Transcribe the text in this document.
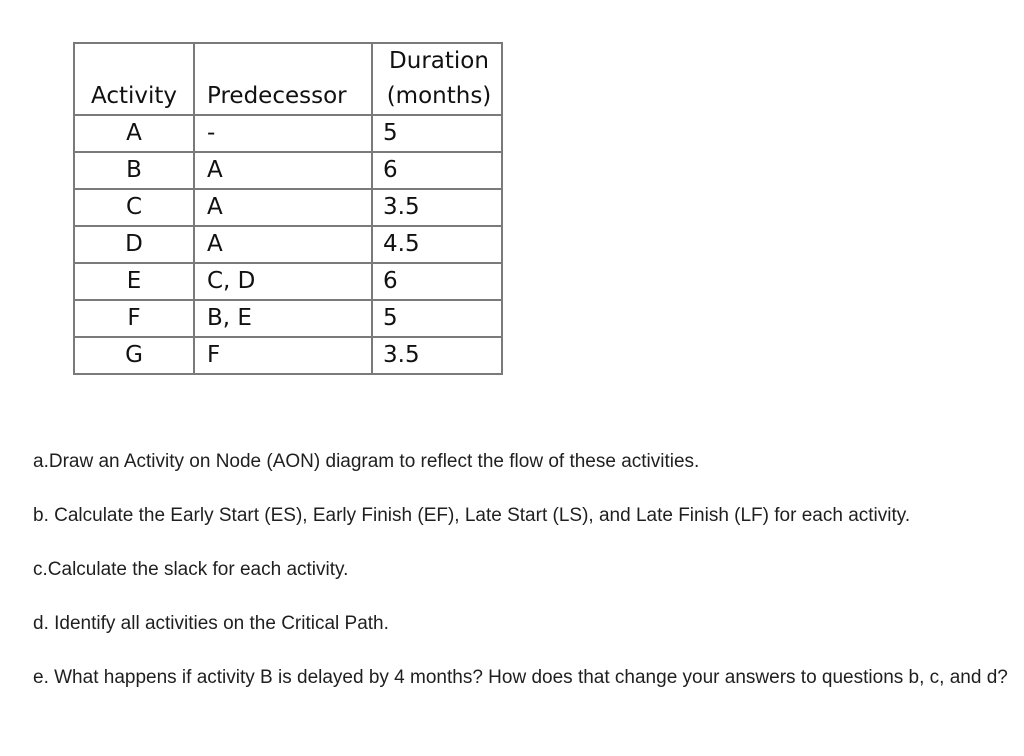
Activity	Predecessor	Duration
(months)

A	-	5
B	A	6
C	A	3.5
D	A	4.5
E	C, D	6
F	B, E	5
G	F	3.5

a.Draw an Activity on Node (AON) diagram to reflect the flow of these activities.

b. Calculate the Early Start (ES), Early Finish (EF), Late Start (LS), and Late Finish (LF) for each activity.

c.Calculate the slack for each activity.

d. Identify all activities on the Critical Path.

e. What happens if activity B is delayed by 4 months? How does that change your answers to questions b, c, and d?
